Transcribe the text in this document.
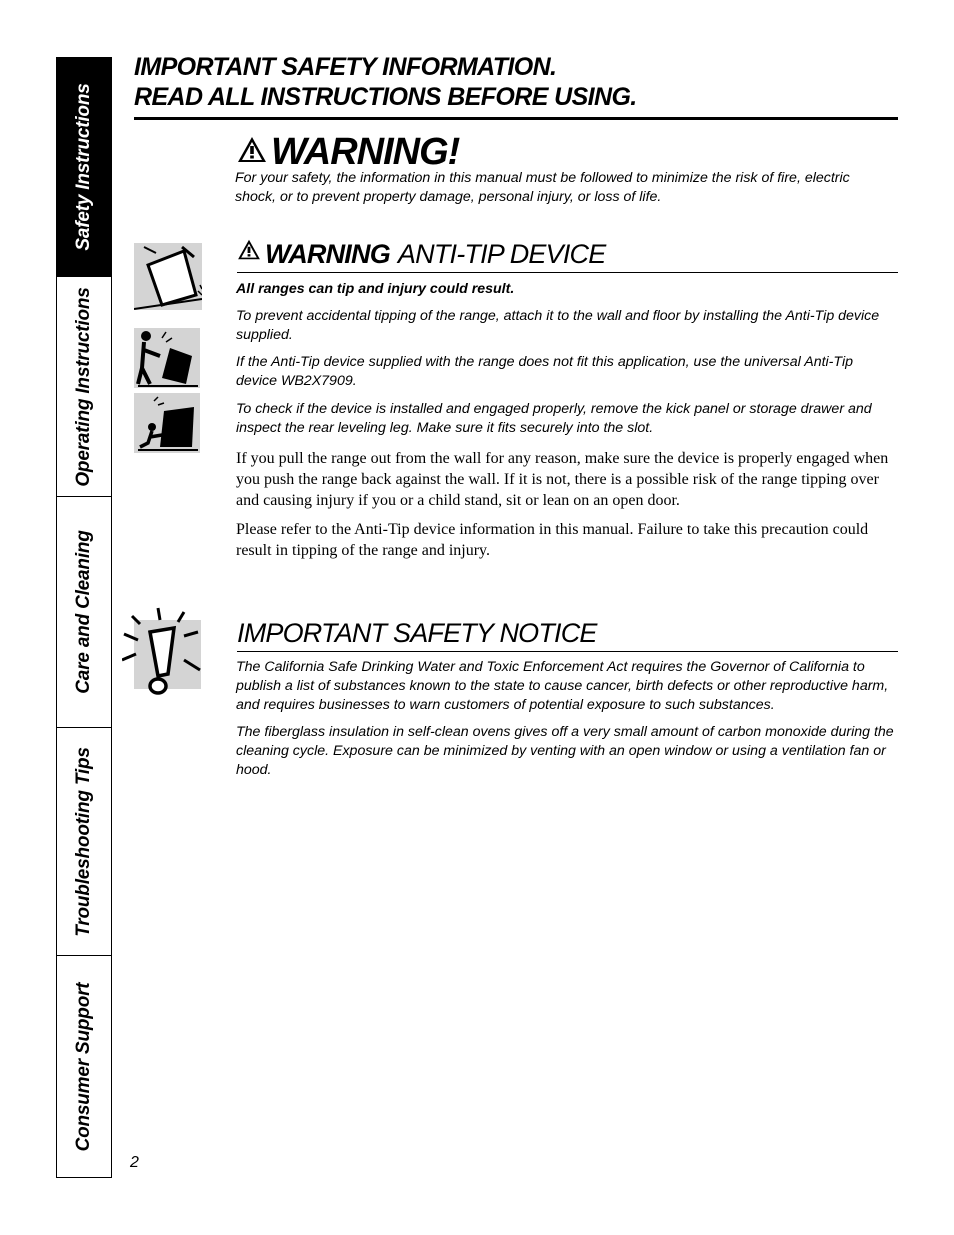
Safety Instructions
Operating Instructions
Care and Cleaning
Troubleshooting Tips
Consumer Support
IMPORTANT SAFETY INFORMATION.
READ ALL INSTRUCTIONS BEFORE USING.
WARNING!
For your safety, the information in this manual must be followed to minimize the risk of fire, electric shock, or to prevent property damage, personal injury, or loss of life.
WARNING ANTI-TIP DEVICE
All ranges can tip and injury could result.
To prevent accidental tipping of the range, attach it to the wall and floor by installing the Anti-Tip device supplied.
If the Anti-Tip device supplied with the range does not fit this application, use the universal Anti-Tip device WB2X7909.
To check if the device is installed and engaged properly, remove the kick panel or storage drawer and inspect the rear leveling leg. Make sure it fits securely into the slot.
If you pull the range out from the wall for any reason, make sure the device is properly engaged when you push the range back against the wall. If it is not, there is a possible risk of the range tipping over and causing injury if you or a child stand, sit or lean on an open door.
Please refer to the Anti-Tip device information in this manual. Failure to take this precaution could result in tipping of the range and injury.
IMPORTANT SAFETY NOTICE
The California Safe Drinking Water and Toxic Enforcement Act requires the Governor of California to publish a list of substances known to the state to cause cancer, birth defects or other reproductive harm, and requires businesses to warn customers of potential exposure to such substances.
The fiberglass insulation in self-clean ovens gives off a very small amount of carbon monoxide during the cleaning cycle. Exposure can be minimized by venting with an open window or using a ventilation fan or hood.
2
